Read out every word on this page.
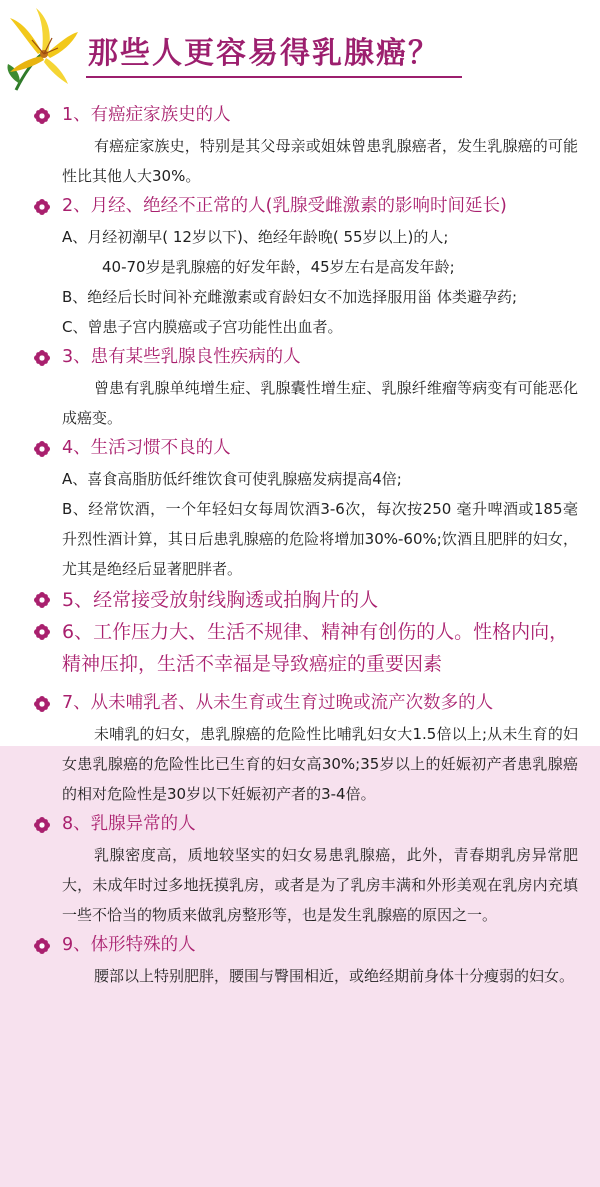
那些人更容易得乳腺癌？
1、有癌症家族史的人

有癌症家族史，特别是其父母亲或姐妹曾患乳腺癌者，发生乳腺癌的可能性比其他人大30%。

2、月经、绝经不正常的人(乳腺受雌激素的影响时间延长)

A、月经初潮早( 12岁以下)、绝经年龄晚( 55岁以上)的人;

40-70岁是乳腺癌的好发年龄，45岁左右是高发年龄;

B、绝经后长时间补充雌激素或育龄妇女不加选择服用甾 体类避孕药;

C、曾患子宫内膜癌或子宫功能性出血者。

3、患有某些乳腺良性疾病的人

曾患有乳腺单纯增生症、乳腺囊性增生症、乳腺纤维瘤等病变有可能恶化成癌变。

4、生活习惯不良的人

A、喜食高脂肪低纤维饮食可使乳腺癌发病提高4倍;

B、经常饮酒，一个年轻妇女每周饮酒3-6次，每次按250 毫升啤酒或185毫升烈性酒计算，其日后患乳腺癌的危险将增加30%-60%;饮酒且肥胖的妇女，尤其是绝经后显著肥胖者。

5、经常接受放射线胸透或拍胸片的人
6、工作压力大、生活不规律、精神有创伤的人。性格内向，精神压抑，生活不幸福是导致癌症的重要因素
7、从未哺乳者、从未生育或生育过晚或流产次数多的人

未哺乳的妇女，患乳腺癌的危险性比哺乳妇女大1.5倍以上;从未生育的妇女患乳腺癌的危险性比已生育的妇女高30%;35岁以上的妊娠初产者患乳腺癌的相对危险性是30岁以下妊娠初产者的3-4倍。

8、乳腺异常的人

乳腺密度高，质地较坚实的妇女易患乳腺癌，此外，青春期乳房异常肥大，未成年时过多地抚摸乳房，或者是为了乳房丰满和外形美观在乳房内充填一些不恰当的物质来做乳房整形等，也是发生乳腺癌的原因之一。

9、体形特殊的人

腰部以上特别肥胖，腰围与臀围相近，或绝经期前身体十分瘦弱的妇女。
